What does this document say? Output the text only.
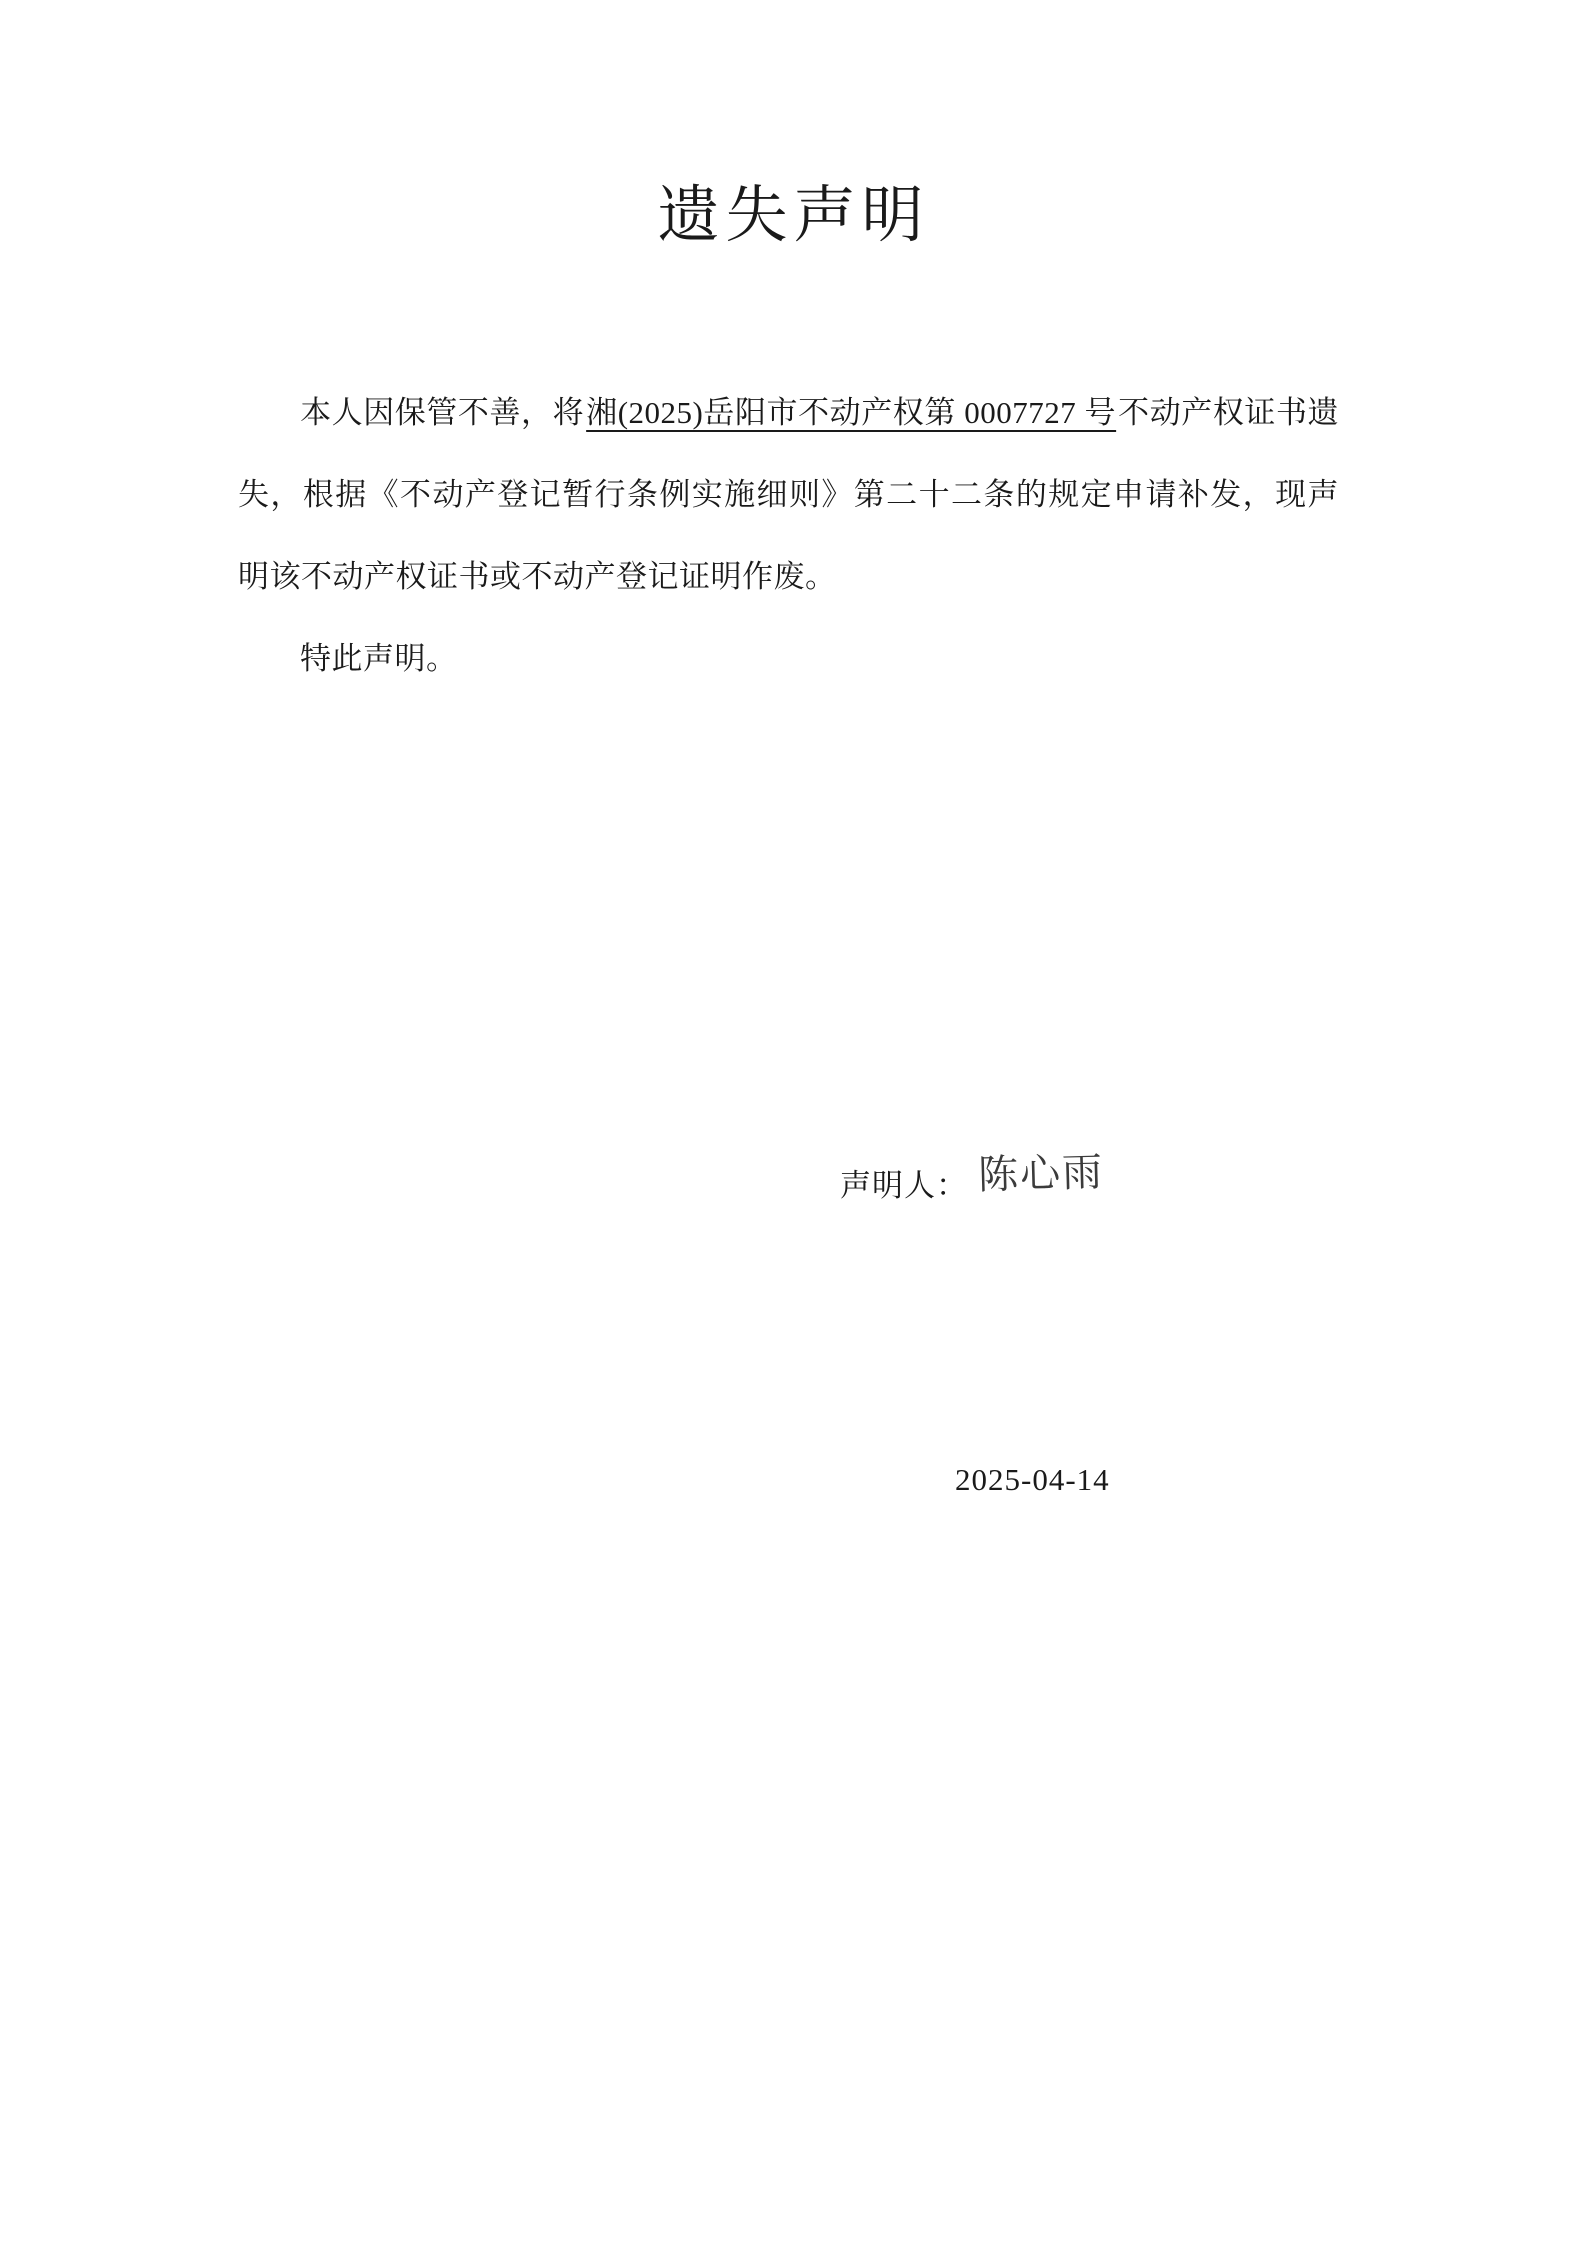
遗失声明

本人因保管不善，将湘(2025)岳阳市不动产权第 0007727 号不动产权证书遗失，根据《不动产登记暂行条例实施细则》第二十二条的规定申请补发，现声明该不动产权证书或不动产登记证明作废。

特此声明。

声明人： 陈心雨
2025-04-14
